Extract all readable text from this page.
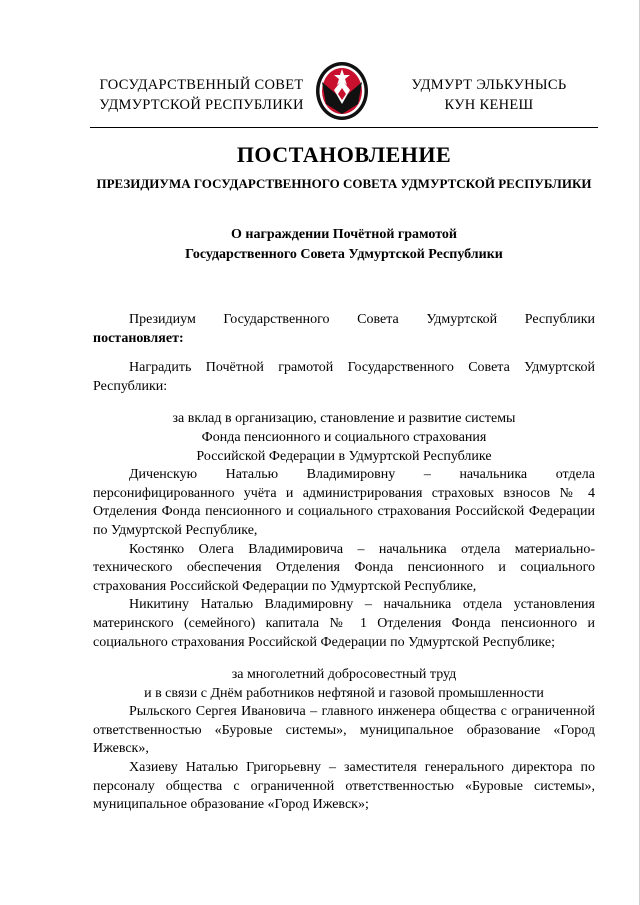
ГОСУДАРСТВЕННЫЙ СОВЕТ
УДМУРТСКОЙ РЕСПУБЛИКИ
УДМУРТ ЭЛЬКУНЫСЬ
КУН КЕНЕШ
ПОСТАНОВЛЕНИЕ
ПРЕЗИДИУМА ГОСУДАРСТВЕННОГО СОВЕТА УДМУРТСКОЙ РЕСПУБЛИКИ
О награждении Почётной грамотой
Государственного Совета Удмуртской Республики

Президиум Государственного Совета Удмуртской Республики

постановляет:

Наградить Почётной грамотой Государственного Совета Удмуртской Республики:

за вклад в организацию, становление и развитие системы

Фонда пенсионного и социального страхования

Российской Федерации в Удмуртской Республике

Диченскую Наталью Владимировну – начальника отдела персонифицированного учёта и администрирования страховых взносов № 4 Отделения Фонда пенсионного и социального страхования Российской Федерации по Удмуртской Республике,

Костянко Олега Владимировича – начальника отдела материально-технического обеспечения Отделения Фонда пенсионного и социального страхования Российской Федерации по Удмуртской Республике,

Никитину Наталью Владимировну – начальника отдела установления материнского (семейного) капитала № 1 Отделения Фонда пенсионного и социального страхования Российской Федерации по Удмуртской Республике;

за многолетний добросовестный труд

и в связи с Днём работников нефтяной и газовой промышленности

Рыльского Сергея Ивановича – главного инженера общества с ограниченной ответственностью «Буровые системы», муниципальное образование «Город Ижевск»,

Хазиеву Наталью Григорьевну – заместителя генерального директора по персоналу общества с ограниченной ответственностью «Буровые системы», муниципальное образование «Город Ижевск»;
